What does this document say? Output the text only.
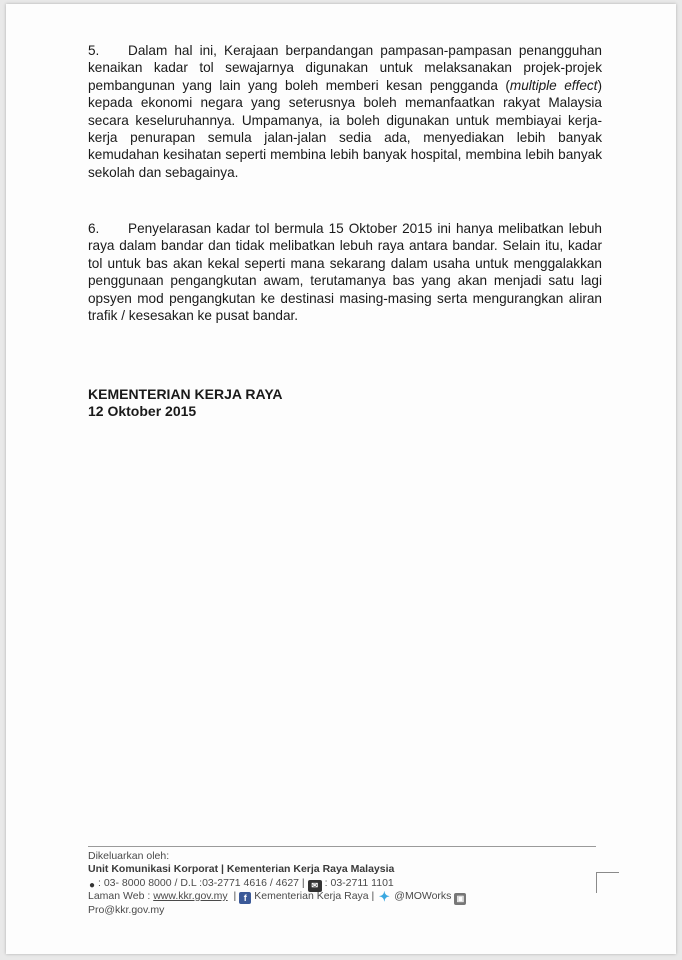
5. Dalam hal ini, Kerajaan berpandangan pampasan-pampasan penangguhan kenaikan kadar tol sewajarnya digunakan untuk melaksanakan projek-projek pembangunan yang lain yang boleh memberi kesan pengganda (multiple effect) kepada ekonomi negara yang seterusnya boleh memanfaatkan rakyat Malaysia secara keseluruhannya. Umpamanya, ia boleh digunakan untuk membiayai kerja-kerja penurapan semula jalan-jalan sedia ada, menyediakan lebih banyak kemudahan kesihatan seperti membina lebih banyak hospital, membina lebih banyak sekolah dan sebagainya.

6. Penyelarasan kadar tol bermula 15 Oktober 2015 ini hanya melibatkan lebuh raya dalam bandar dan tidak melibatkan lebuh raya antara bandar. Selain itu, kadar tol untuk bas akan kekal seperti mana sekarang dalam usaha untuk menggalakkan penggunaan pengangkutan awam, terutamanya bas yang akan menjadi satu lagi opsyen mod pengangkutan ke destinasi masing-masing serta mengurangkan aliran trafik / kesesakan ke pusat bandar.

KEMENTERIAN KERJA RAYA

12 Oktober 2015

Dikeluarkan oleh:
Unit Komunikasi Korporat | Kementerian Kerja Raya Malaysia
● : 03- 8000 8000 / D.L :03-2771 4616 / 4627 | ✉ : 03-2711 1101
Laman Web : www.kkr.gov.my  | f Kementerian Kerja Raya | ✦ @MOWorks ▣
Pro@kkr.gov.my
